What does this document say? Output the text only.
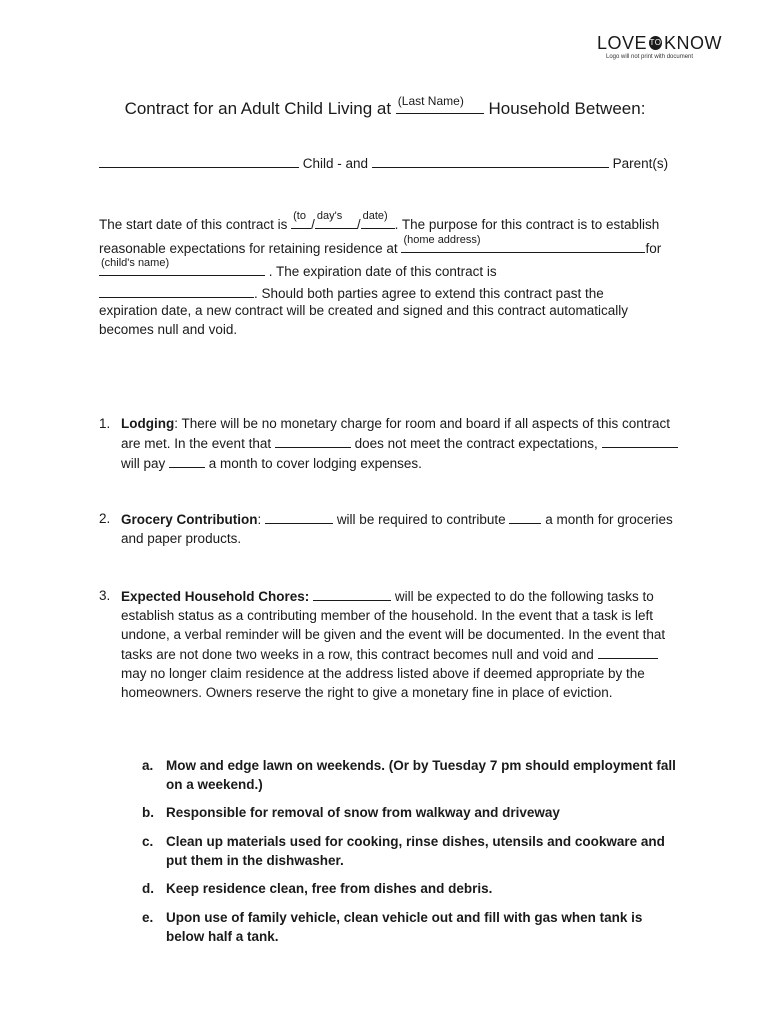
LOVE TO KNOW
Logo will not print with document
Contract for an Adult Child Living at (Last Name)	Household Between:
Child - and	Parent(s)
The start date of this contract is
(to
/
day's
/
date)
. The purpose for this contract is to establish
reasonable expectations for retaining residence at
(home address)
for
(child's name)
. The expiration date of this contract is
. Should both parties agree to extend this contract past the
expiration date, a new contract will be created and signed and this contract automatically becomes null and void.
1. Lodging: There will be no monetary charge for room and board if all aspects of this contract are met. In the event that	does not meet the contract expectations,  will pay	a month to cover lodging expenses.
2. Grocery Contribution:	will be required to contribute	a month for groceries and paper products.
3. Expected Household Chores:	will be expected to do the following tasks to establish status as a contributing member of the household. In the event that a task is left undone, a verbal reminder will be given and the event will be documented. In the event that tasks are not done two weeks in a row, this contract becomes null and void and  may no longer claim residence at the address listed above if deemed appropriate by the homeowners. Owners reserve the right to give a monetary fine in place of eviction.
a. Mow and edge lawn on weekends. (Or by Tuesday 7 pm should employment fall on a weekend.)
b. Responsible for removal of snow from walkway and driveway
c. Clean up materials used for cooking, rinse dishes, utensils and cookware and put them in the dishwasher.
d. Keep residence clean, free from dishes and debris.
e. Upon use of family vehicle, clean vehicle out and fill with gas when tank is below half a tank.
